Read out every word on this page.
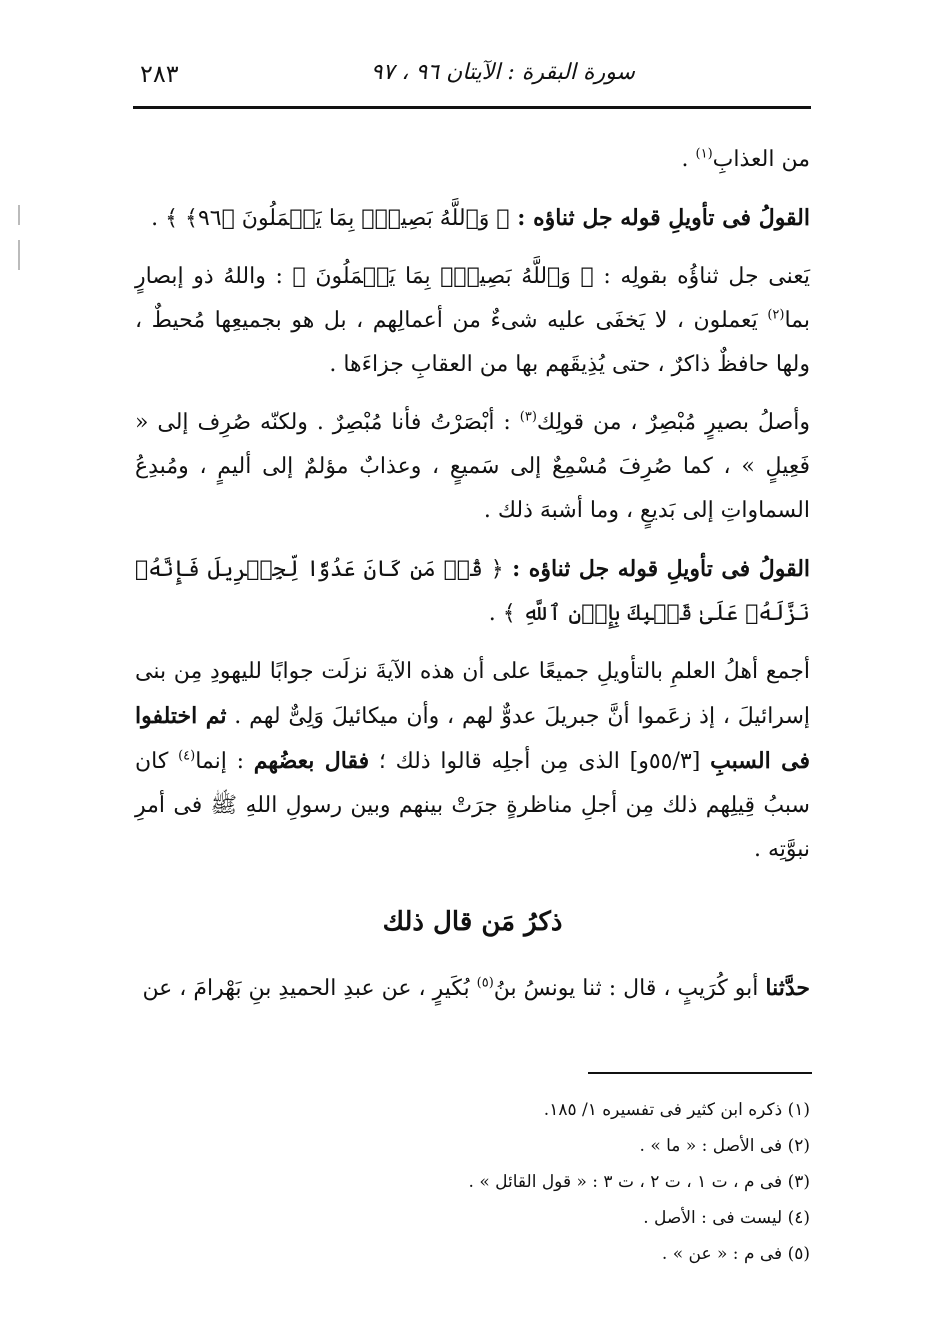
سورة البقرة : الآيتان ٩٦ ، ٩٧
٢٨٣

من العذابِ$^{(١)}$ .

القولُ فى تأويلِ قوله جل ثناؤه : ﴿ وَٱللَّهُ بَصِيرُۢ بِمَا يَعۡمَلُونَ ﴿٩٦﴾ ﴾ .

يَعنى جل ثناؤُه بقولِه : ﴿ وَٱللَّهُ بَصِيرُۢ بِمَا يَعۡمَلُونَ ﴾ : واللهُ ذو إبصارٍ بما$^{(٢)}$ يَعملون ، لا يَخفَى عليه شىءٌ من أعمالِهم ، بل هو بجميعِها مُحيطٌ ، ولها حافظٌ ذاكرٌ ، حتى يُذِيقَهم بها من العقابِ جزاءَها .

وأصلُ بصيرٍ مُبْصِرٌ ، من قولِك$^{(٣)}$ : أبْصَرْتُ فأنا مُبْصِرٌ . ولكنّه صُرِف إلى « فَعِيلٍ » ، كما صُرِفَ مُسْمِعٌ إلى سَميعٍ ، وعذابٌ مؤلمٌ إلى أليمٍ ، ومُبدِعُ السماواتِ إلى بَديعٍ ، وما أشبهَ ذلك .

القولُ فى تأويلِ قوله جل ثناؤه : ﴿ قُلۡ مَن كَانَ عَدُوّٗا لِّجِبۡرِيلَ فَإِنَّهُۥ نَزَّلَهُۥ عَلَىٰ قَلۡبِكَ بِإِذۡنِ ٱللَّهِ ﴾ .

أجمع أهلُ العلمِ بالتأويلِ جميعًا على أن هذه الآيةَ نزلَت جوابًا لليهودِ مِن بنى إسرائيلَ ، إذ زعَموا أنَّ جبريلَ عدوٌّ لهم ، وأن ميكائيلَ وَلِىٌّ لهم . ثم اختلفوا فى السببِ [٥٥/٣و] الذى مِن أجلِه قالوا ذلك ؛ فقال بعضُهم : إنما$^{(٤)}$ كان سببُ قِيلِهم ذلك مِن أجلِ مناظرةٍ جرَتْ بينهم وبين رسولِ اللهِ ﷺ فى أمرِ نبوَّتِه .

ذكرُ مَن قال ذلك

حدَّثنا أبو كُرَيبٍ ، قال : ثنا يونسُ بنُ$^{(٥)}$ بُكَيرٍ ، عن عبدِ الحميدِ بنِ بَهْرامَ ، عن

(١) ذكره ابن كثير فى تفسيره ١/ ١٨٥.
(٢) فى الأصل : « ما » .
(٣) فى م ، ت ١ ، ت ٢ ، ت ٣ : « قول القائل » .
(٤) ليست فى : الأصل .
(٥) فى م : « عن » .
